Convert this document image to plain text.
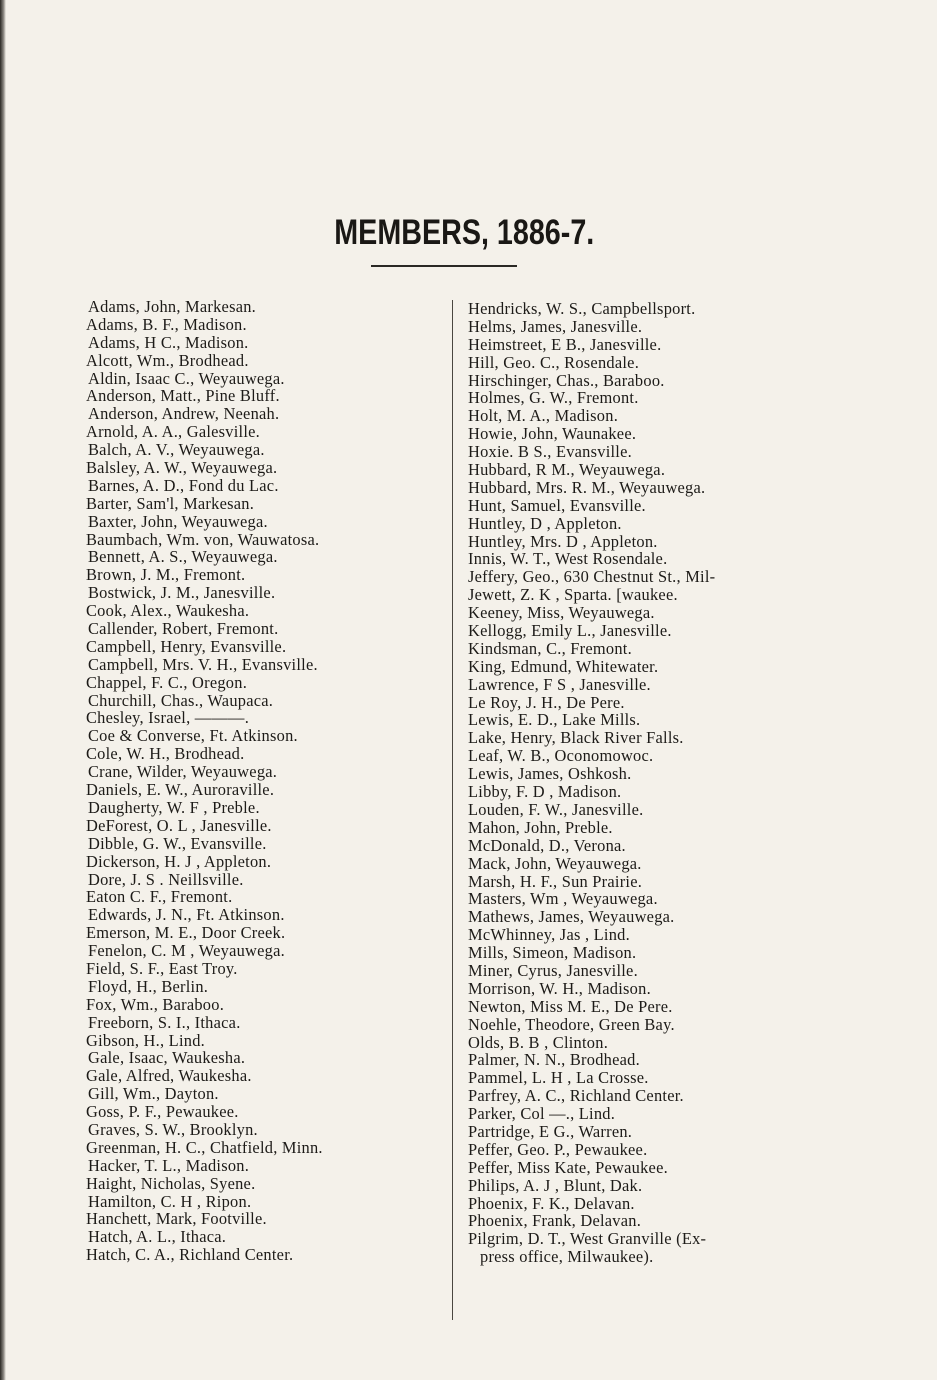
MEMBERS, 1886-7.
Adams, John, Markesan.
Adams, B. F., Madison.
Adams, H C., Madison.
Alcott, Wm., Brodhead.
Aldin, Isaac C., Weyauwega.
Anderson, Matt., Pine Bluff.
Anderson, Andrew, Neenah.
Arnold, A. A., Galesville.
Balch, A. V., Weyauwega.
Balsley, A. W., Weyauwega.
Barnes, A. D., Fond du Lac.
Barter, Sam'l, Markesan.
Baxter, John, Weyauwega.
Baumbach, Wm. von, Wauwatosa.
Bennett, A. S., Weyauwega.
Brown, J. M., Fremont.
Bostwick, J. M., Janesville.
Cook, Alex., Waukesha.
Callender, Robert, Fremont.
Campbell, Henry, Evansville.
Campbell, Mrs. V. H., Evansville.
Chappel, F. C., Oregon.
Churchill, Chas., Waupaca.
Chesley, Israel, ———.
Coe & Converse, Ft. Atkinson.
Cole, W. H., Brodhead.
Crane, Wilder, Weyauwega.
Daniels, E. W., Auroraville.
Daugherty, W. F , Preble.
DeForest, O. L , Janesville.
Dibble, G. W., Evansville.
Dickerson, H. J , Appleton.
Dore, J. S . Neillsville.
Eaton C. F., Fremont.
Edwards, J. N., Ft. Atkinson.
Emerson, M. E., Door Creek.
Fenelon, C. M , Weyauwega.
Field, S. F., East Troy.
Floyd, H., Berlin.
Fox, Wm., Baraboo.
Freeborn, S. I., Ithaca.
Gibson, H., Lind.
Gale, Isaac, Waukesha.
Gale, Alfred, Waukesha.
Gill, Wm., Dayton.
Goss, P. F., Pewaukee.
Graves, S. W., Brooklyn.
Greenman, H. C., Chatfield, Minn.
Hacker, T. L., Madison.
Haight, Nicholas, Syene.
Hamilton, C. H , Ripon.
Hanchett, Mark, Footville.
Hatch, A. L., Ithaca.
Hatch, C. A., Richland Center.
Hendricks, W. S., Campbellsport.
Helms, James, Janesville.
Heimstreet, E B., Janesville.
Hill, Geo. C., Rosendale.
Hirschinger, Chas., Baraboo.
Holmes, G. W., Fremont.
Holt, M. A., Madison.
Howie, John, Waunakee.
Hoxie. B S., Evansville.
Hubbard, R M., Weyauwega.
Hubbard, Mrs. R. M., Weyauwega.
Hunt, Samuel, Evansville.
Huntley, D , Appleton.
Huntley, Mrs. D , Appleton.
Innis, W. T., West Rosendale.
Jeffery, Geo., 630 Chestnut St., Mil-
Jewett, Z. K , Sparta. [waukee.
Keeney, Miss, Weyauwega.
Kellogg, Emily L., Janesville.
Kindsman, C., Fremont.
King, Edmund, Whitewater.
Lawrence, F S , Janesville.
Le Roy, J. H., De Pere.
Lewis, E. D., Lake Mills.
Lake, Henry, Black River Falls.
Leaf, W. B., Oconomowoc.
Lewis, James, Oshkosh.
Libby, F. D , Madison.
Louden, F. W., Janesville.
Mahon, John, Preble.
McDonald, D., Verona.
Mack, John, Weyauwega.
Marsh, H. F., Sun Prairie.
Masters, Wm , Weyauwega.
Mathews, James, Weyauwega.
McWhinney, Jas , Lind.
Mills, Simeon, Madison.
Miner, Cyrus, Janesville.
Morrison, W. H., Madison.
Newton, Miss M. E., De Pere.
Noehle, Theodore, Green Bay.
Olds, B. B , Clinton.
Palmer, N. N., Brodhead.
Pammel, L. H , La Crosse.
Parfrey, A. C., Richland Center.
Parker, Col —., Lind.
Partridge, E G., Warren.
Peffer, Geo. P., Pewaukee.
Peffer, Miss Kate, Pewaukee.
Philips, A. J , Blunt, Dak.
Phoenix, F. K., Delavan.
Phoenix, Frank, Delavan.
Pilgrim, D. T., West Granville (Ex-
press office, Milwaukee).
